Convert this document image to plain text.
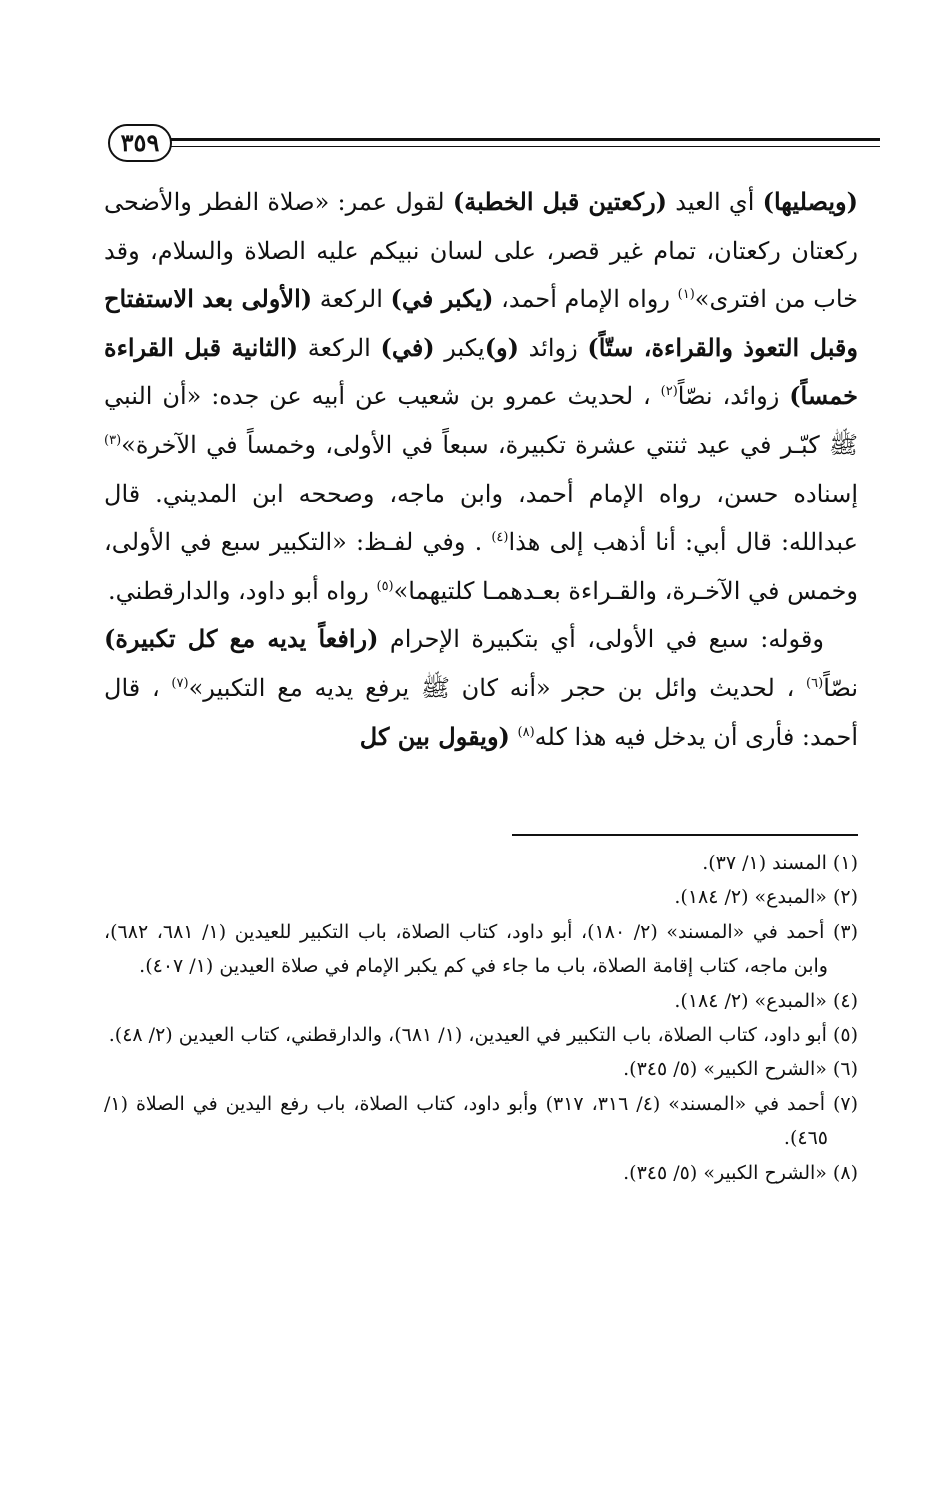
٣٥٩

(ويصليها) أي العيد (ركعتين قبل الخطبة) لقول عمر: «صلاة الفطر والأضحى ركعتان ركعتان، تمام غير قصر، على لسان نبيكم عليه الصلاة والسلام، وقد خاب من افترى»$^{(١)}$ رواه الإمام أحمد، (يكبر في) الركعة (الأولى بعد الاستفتاح وقبل التعوذ والقراءة، ستّاً) زوائد (و)يكبر (في) الركعة (الثانية قبل القراءة خمساً) زوائد، نصّاً$^{(٢)}$ ، لحديث عمرو بن شعيب عن أبيه عن جده: «أن النبي ﷺ كبّـر في عيد ثنتي عشرة تكبيرة، سبعاً في الأولى، وخمساً في الآخرة»$^{(٣)}$ إسناده حسن، رواه الإمام أحمد، وابن ماجه، وصححه ابن المديني. قال عبدالله: قال أبي: أنا أذهب إلى هذا$^{(٤)}$ . وفي لفـظ: «التكبير سبع في الأولى، وخمس في الآخـرة، والقـراءة بعـدهمـا كلتيهما»$^{(٥)}$ رواه أبو داود، والدارقطني.

وقوله: سبع في الأولى، أي بتكبيرة الإحرام (رافعاً يديه مع كل تكبيرة) نصّاً$^{(٦)}$ ، لحديث وائل بن حجر «أنه كان ﷺ يرفع يديه مع التكبير»$^{(٧)}$ ، قال أحمد: فأرى أن يدخل فيه هذا كله$^{(٨)}$ (ويقول بين كل

(١) المسند (١/ ٣٧).

(٢) «المبدع» (٢/ ١٨٤).

(٣) أحمد في «المسند» (٢/ ١٨٠)، أبو داود، كتاب الصلاة، باب التكبير للعيدين (١/ ٦٨١، ٦٨٢)، وابن ماجه، كتاب إقامة الصلاة، باب ما جاء في كم يكبر الإمام في صلاة العيدين (١/ ٤٠٧).

(٤) «المبدع» (٢/ ١٨٤).

(٥) أبو داود، كتاب الصلاة، باب التكبير في العيدين، (١/ ٦٨١)، والدارقطني، كتاب العيدين (٢/ ٤٨).

(٦) «الشرح الكبير» (٥/ ٣٤٥).

(٧) أحمد في «المسند» (٤/ ٣١٦، ٣١٧) وأبو داود، كتاب الصلاة، باب رفع اليدين في الصلاة (١/ ٤٦٥).

(٨) «الشرح الكبير» (٥/ ٣٤٥).
